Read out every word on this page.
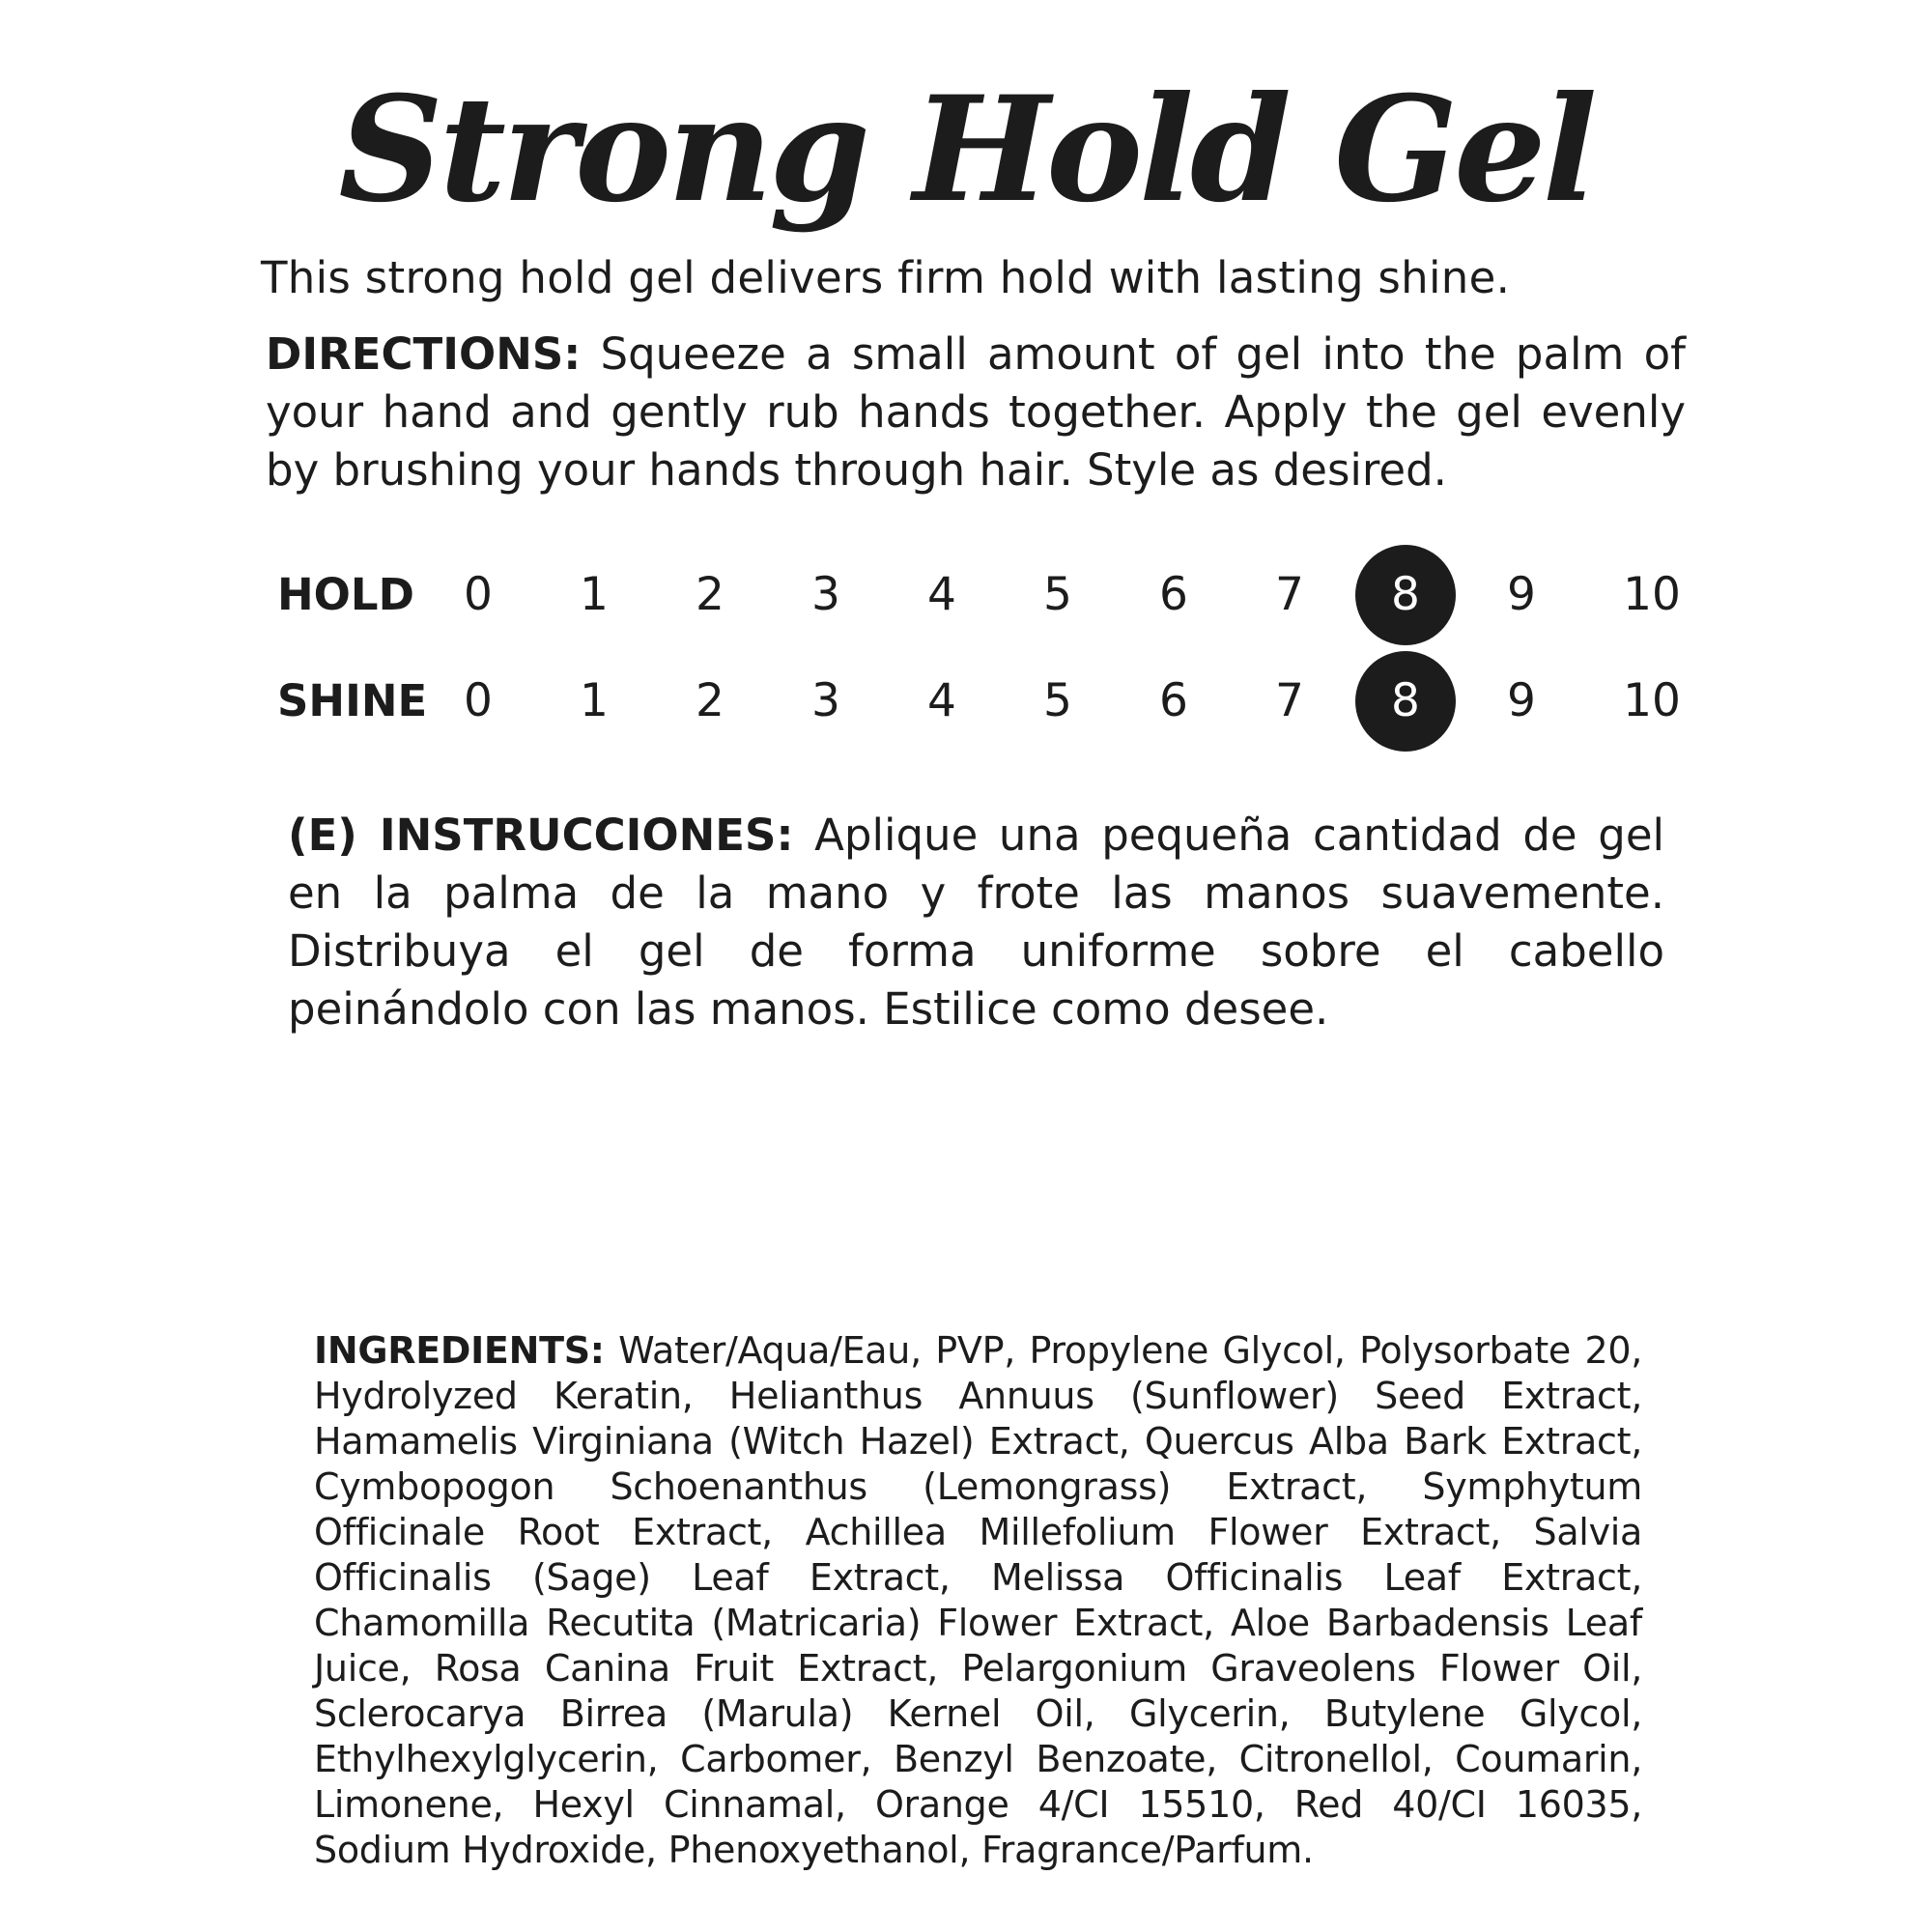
Strong Hold Gel
This strong hold gel delivers firm hold with lasting shine.
DIRECTIONS: Squeeze a small amount of gel into the palm of your hand and gently rub hands together. Apply the gel evenly by brushing your hands through hair. Style as desired.
HOLD	0	1	2	3	4	5	6	7	8	9	10
SHINE 0	1	2	3	4	5	6	7	8	9	10
(E) INSTRUCCIONES: Aplique una pequeña cantidad de gel en la palma de la mano y frote las manos suavemente. Distribuya el gel de forma uniforme sobre el cabello peinándolo con las manos. Estilice como desee.
INGREDIENTS: Water/Aqua/Eau, PVP, Propylene Glycol, Polysorbate 20, Hydrolyzed Keratin, Helianthus Annuus (Sunflower) Seed Extract, Hamamelis Virginiana (Witch Hazel) Extract, Quercus Alba Bark Extract, Cymbopogon Schoenanthus (Lemongrass) Extract, Symphytum Officinale Root Extract, Achillea Millefolium Flower Extract, Salvia Officinalis (Sage) Leaf Extract, Melissa Officinalis Leaf Extract, Chamomilla Recutita (Matricaria) Flower Extract, Aloe Barbadensis Leaf Juice, Rosa Canina Fruit Extract, Pelargonium Graveolens Flower Oil, Sclerocarya Birrea (Marula) Kernel Oil, Glycerin, Butylene Glycol, Ethylhexylglycerin, Carbomer, Benzyl Benzoate, Citronellol, Coumarin, Limonene, Hexyl Cinnamal, Orange 4/CI 15510, Red 40/CI 16035, Sodium Hydroxide, Phenoxyethanol, Fragrance/Parfum.
